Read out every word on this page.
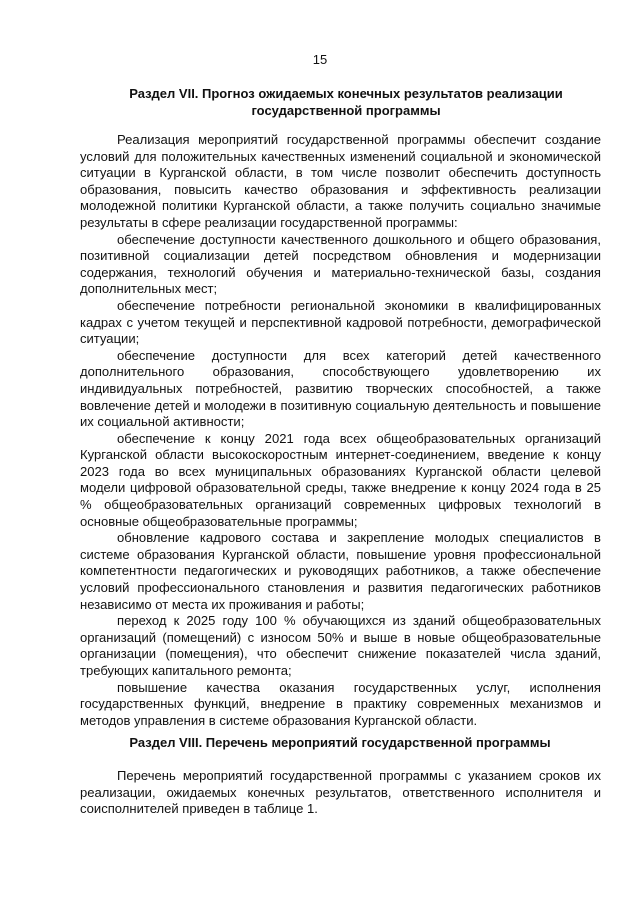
15
Раздел VII. Прогноз ожидаемых конечных результатов реализации государственной программы

Реализация мероприятий государственной программы обеспечит создание условий для положительных качественных изменений социальной и экономической ситуации в Курганской области, в том числе позволит обеспечить доступность образования, повысить качество образования и эффективность реализации молодежной политики Курганской области, а также получить социально значимые результаты в сфере реализации государственной программы:

обеспечение доступности качественного дошкольного и общего образования, позитивной социализации детей посредством обновления и модернизации содержания, технологий обучения и материально-технической базы, создания дополнительных мест;

обеспечение потребности региональной экономики в квалифицированных кадрах с учетом текущей и перспективной кадровой потребности, демографической ситуации;

обеспечение доступности для всех категорий детей качественного дополнительного образования, способствующего удовлетворению их индивидуальных потребностей, развитию творческих способностей, а также вовлечение детей и молодежи в позитивную социальную деятельность и повышение их социальной активности;

обеспечение к концу 2021 года всех общеобразовательных организаций Курганской области высокоскоростным интернет-соединением, введение к концу 2023 года во всех муниципальных образованиях Курганской области целевой модели цифровой образовательной среды, также внедрение к концу 2024 года в 25 % общеобразовательных организаций современных цифровых технологий в основные общеобразовательные программы;

обновление кадрового состава и закрепление молодых специалистов в системе образования Курганской области, повышение уровня профессиональной компетентности педагогических и руководящих работников, а также обеспечение условий профессионального становления и развития педагогических работников независимо от места их проживания и работы;

переход к 2025 году 100 % обучающихся из зданий общеобразовательных организаций (помещений) с износом 50% и выше в новые общеобразовательные организации (помещения), что обеспечит снижение показателей числа зданий, требующих капитального ремонта;

повышение качества оказания государственных услуг, исполнения государственных функций, внедрение в практику современных механизмов и методов управления в системе образования Курганской области.

Раздел VIII. Перечень мероприятий государственной программы

Перечень мероприятий государственной программы с указанием сроков их реализации, ожидаемых конечных результатов, ответственного исполнителя и соисполнителей приведен в таблице 1.
